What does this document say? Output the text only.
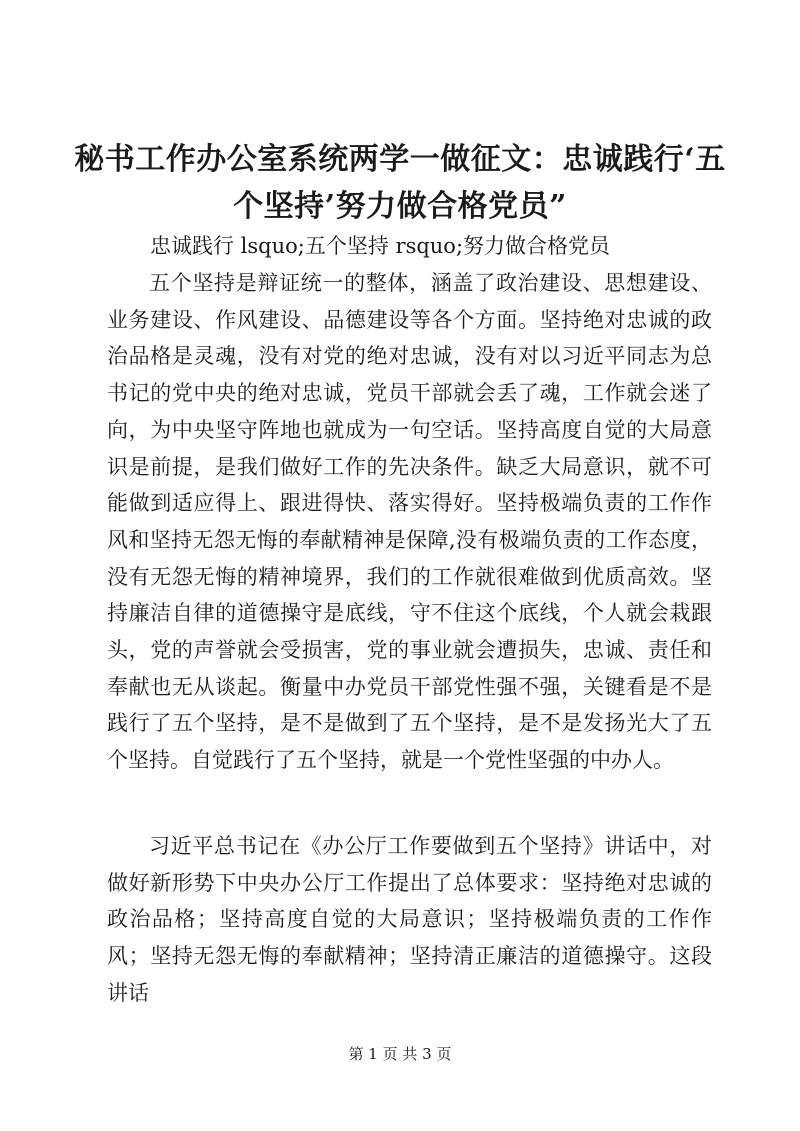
秘书工作办公室系统两学一做征文：忠诚践行‘五个坚持’努力做合格党员”

忠诚践行 lsquo;五个坚持 rsquo;努力做合格党员

五个坚持是辩证统一的整体，涵盖了政治建设、思想建设、业务建设、作风建设、品德建设等各个方面。坚持绝对忠诚的政治品格是灵魂，没有对党的绝对忠诚，没有对以习近平同志为总书记的党中央的绝对忠诚，党员干部就会丢了魂，工作就会迷了向，为中央坚守阵地也就成为一句空话。坚持高度自觉的大局意识是前提，是我们做好工作的先决条件。缺乏大局意识，就不可能做到适应得上、跟进得快、落实得好。坚持极端负责的工作作风和坚持无怨无悔的奉献精神是保障,没有极端负责的工作态度，没有无怨无悔的精神境界，我们的工作就很难做到优质高效。坚持廉洁自律的道德操守是底线，守不住这个底线，个人就会栽跟头，党的声誉就会受损害，党的事业就会遭损失，忠诚、责任和奉献也无从谈起。衡量中办党员干部党性强不强，关键看是不是践行了五个坚持，是不是做到了五个坚持，是不是发扬光大了五个坚持。自觉践行了五个坚持，就是一个党性坚强的中办人。

习近平总书记在《办公厅工作要做到五个坚持》讲话中，对做好新形势下中央办公厅工作提出了总体要求：坚持绝对忠诚的政治品格；坚持高度自觉的大局意识；坚持极端负责的工作作风；坚持无怨无悔的奉献精神；坚持清正廉洁的道德操守。这段讲话

第 1 页 共 3 页
